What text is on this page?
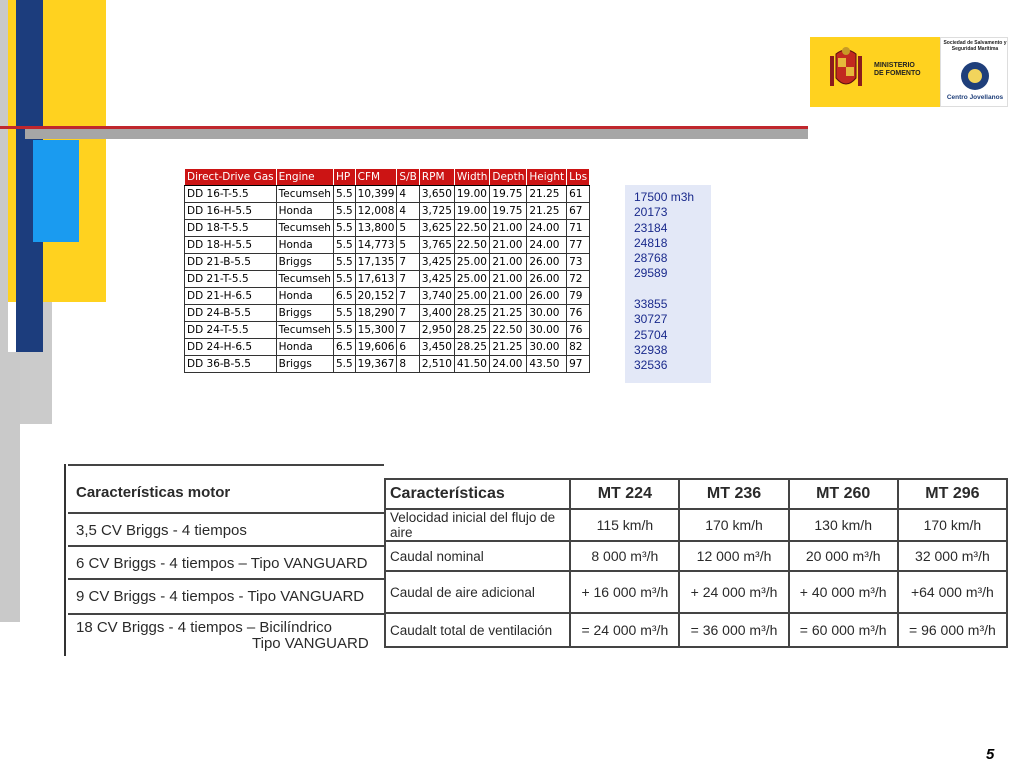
MINISTERIO
DE FOMENTO
Sociedad de Salvamento y Seguridad Marítima
Centro Jovellanos
Direct-Drive Gas	Engine	HP	CFM	S/B	RPM	Width	Depth	Height	Lbs
DD 16-T-5.5	Tecumseh	5.5	10,399	4	3,650	19.00	19.75	21.25	61
DD 16-H-5.5	Honda	5.5	12,008	4	3,725	19.00	19.75	21.25	67
DD 18-T-5.5	Tecumseh	5.5	13,800	5	3,625	22.50	21.00	24.00	71
DD 18-H-5.5	Honda	5.5	14,773	5	3,765	22.50	21.00	24.00	77
DD 21-B-5.5	Briggs	5.5	17,135	7	3,425	25.00	21.00	26.00	73
DD 21-T-5.5	Tecumseh	5.5	17,613	7	3,425	25.00	21.00	26.00	72
DD 21-H-6.5	Honda	6.5	20,152	7	3,740	25.00	21.00	26.00	79
DD 24-B-5.5	Briggs	5.5	18,290	7	3,400	28.25	21.25	30.00	76
DD 24-T-5.5	Tecumseh	5.5	15,300	7	2,950	28.25	22.50	30.00	76
DD 24-H-6.5	Honda	6.5	19,606	6	3,450	28.25	21.25	30.00	82
DD 36-B-5.5	Briggs	5.5	19,367	8	2,510	41.50	24.00	43.50	97
17500 m3h
20173
23184
24818
28768
29589
33855
30727
25704
32938
32536
Características motor
3,5 CV Briggs - 4 tiempos
6 CV Briggs - 4 tiempos – Tipo VANGUARD
9 CV Briggs - 4 tiempos - Tipo VANGUARD
18 CV Briggs - 4 tiempos – Bicilíndrico
Tipo VANGUARD
Características	MT 224	MT 236	MT 260	MT 296
Velocidad inicial del flujo de aire	115 km/h	170 km/h	130 km/h	170 km/h
Caudal nominal	8 000 m³/h	12 000 m³/h	20 000 m³/h	32 000 m³/h
Caudal de aire adicional	+ 16 000 m³/h	+ 24 000 m³/h	+ 40 000 m³/h	+64 000 m³/h
Caudalt total de ventilación	= 24 000 m³/h	= 36 000 m³/h	= 60 000 m³/h	= 96 000 m³/h
5
